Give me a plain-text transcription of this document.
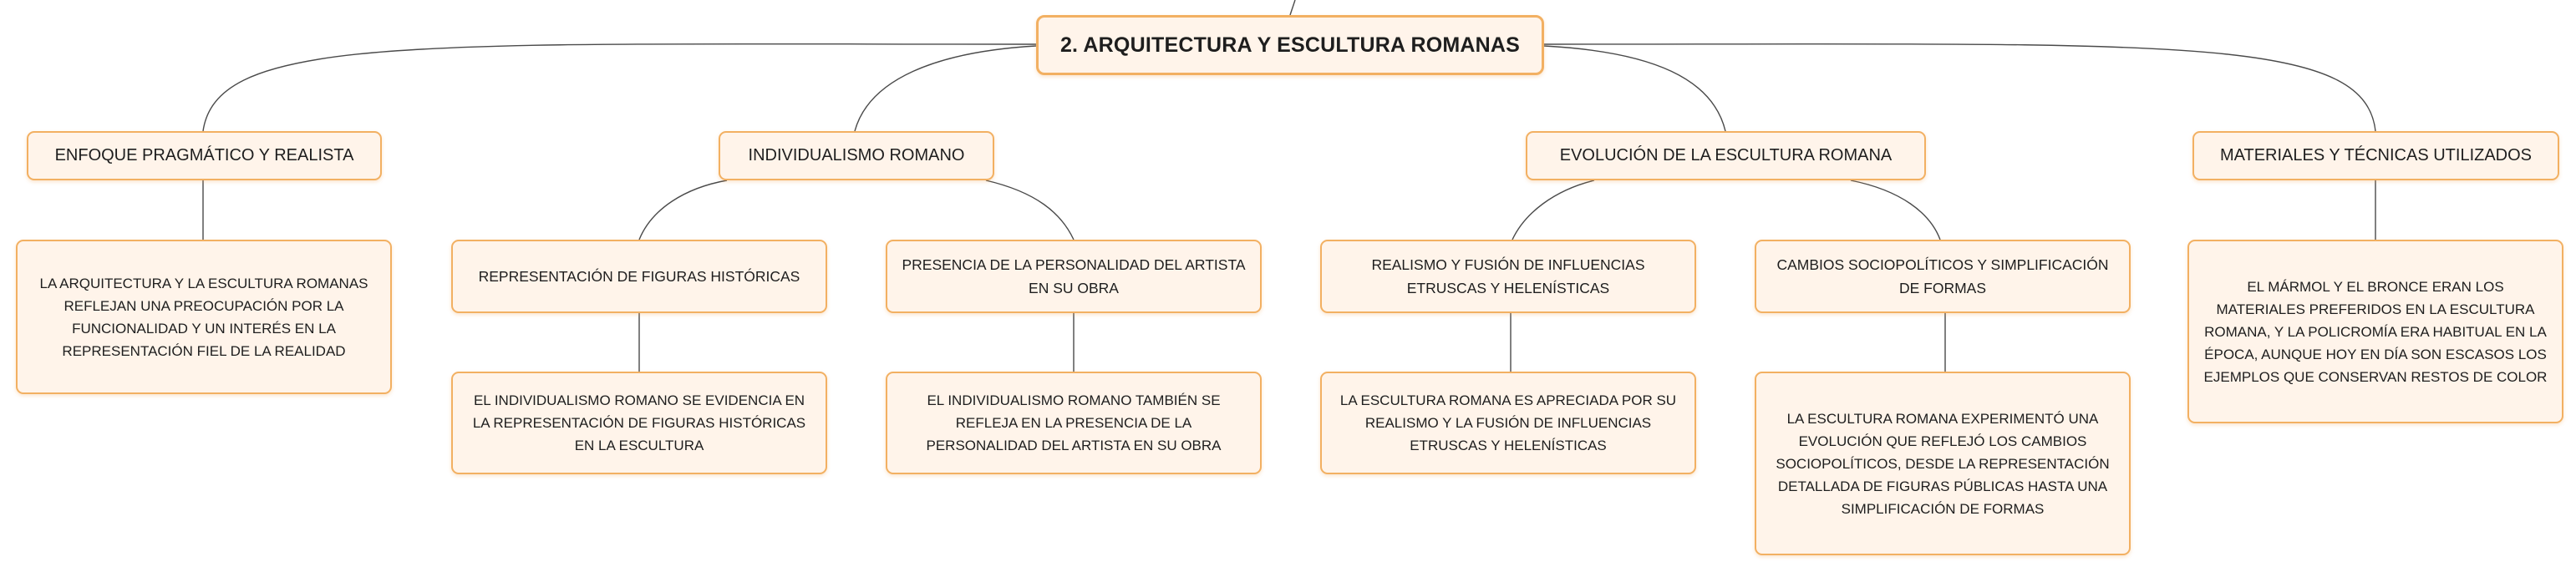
2. ARQUITECTURA Y ESCULTURA ROMANAS
ENFOQUE PRAGMÁTICO Y REALISTA	INDIVIDUALISMO ROMANO	EVOLUCIÓN DE LA ESCULTURA ROMANA	MATERIALES Y TÉCNICAS UTILIZADOS
REPRESENTACIÓN DE FIGURAS HISTÓRICAS
PRESENCIA DE LA PERSONALIDAD DEL ARTISTA EN SU OBRA
REALISMO Y FUSIÓN DE INFLUENCIAS ETRUSCAS Y HELENÍSTICAS
CAMBIOS SOCIOPOLÍTICOS Y SIMPLIFICACIÓN DE FORMAS
LA ARQUITECTURA Y LA ESCULTURA ROMANAS REFLEJAN UNA PREOCUPACIÓN POR LA FUNCIONALIDAD Y UN INTERÉS EN LA REPRESENTACIÓN FIEL DE LA REALIDAD
EL MÁRMOL Y EL BRONCE ERAN LOS MATERIALES PREFERIDOS EN LA ESCULTURA ROMANA, Y LA POLICROMÍA ERA HABITUAL EN LA ÉPOCA, AUNQUE HOY EN DÍA SON ESCASOS LOS EJEMPLOS QUE CONSERVAN RESTOS DE COLOR
EL INDIVIDUALISMO ROMANO SE EVIDENCIA EN LA REPRESENTACIÓN DE FIGURAS HISTÓRICAS EN LA ESCULTURA
EL INDIVIDUALISMO ROMANO TAMBIÉN SE REFLEJA EN LA PRESENCIA DE LA PERSONALIDAD DEL ARTISTA EN SU OBRA
LA ESCULTURA ROMANA ES APRECIADA POR SU REALISMO Y LA FUSIÓN DE INFLUENCIAS ETRUSCAS Y HELENÍSTICAS
LA ESCULTURA ROMANA EXPERIMENTÓ UNA EVOLUCIÓN QUE REFLEJÓ LOS CAMBIOS SOCIOPOLÍTICOS, DESDE LA REPRESENTACIÓN DETALLADA DE FIGURAS PÚBLICAS HASTA UNA SIMPLIFICACIÓN DE FORMAS
